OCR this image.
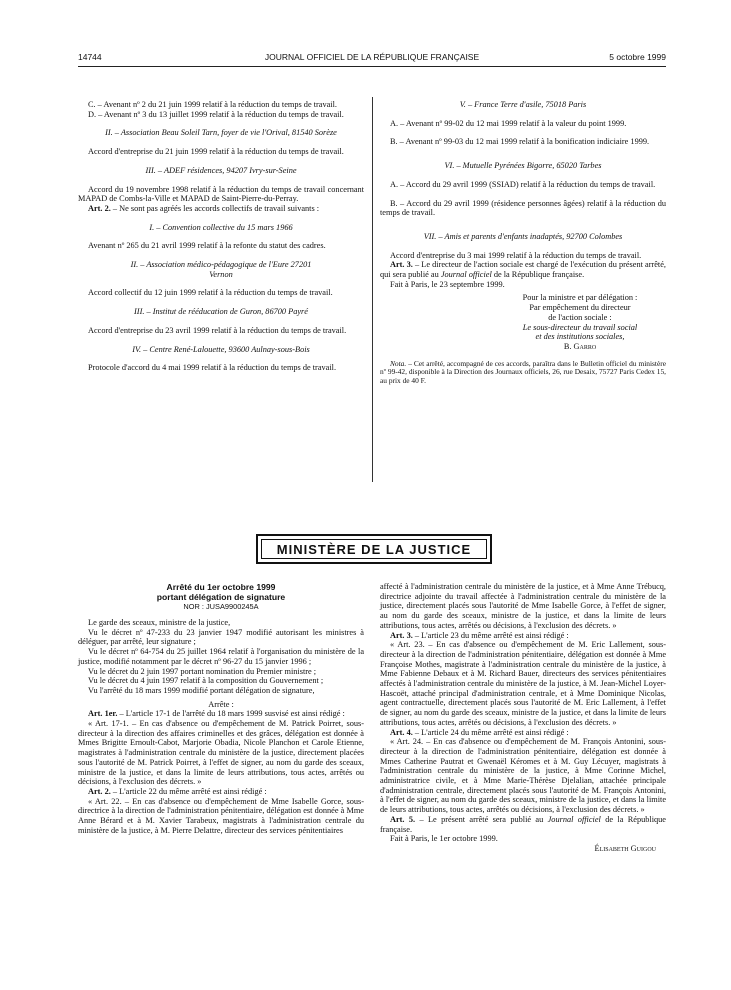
14744	JOURNAL OFFICIEL DE LA RÉPUBLIQUE FRANÇAISE	5 octobre 1999

C. – Avenant nº 2 du 21 juin 1999 relatif à la réduction du temps de travail.

D. – Avenant nº 3 du 13 juillet 1999 relatif à la réduction du temps de travail.

II. – Association Beau Soleil Tarn, foyer de vie l'Orival, 81540 Sorèze

Accord d'entreprise du 21 juin 1999 relatif à la réduction du temps de travail.

III. – ADEF résidences, 94207 Ivry-sur-Seine

Accord du 19 novembre 1998 relatif à la réduction du temps de travail concernant MAPAD de Combs-la-Ville et MAPAD de Saint-Pierre-du-Perray.

Art. 2. – Ne sont pas agréés les accords collectifs de travail suivants :

I. – Convention collective du 15 mars 1966

Avenant nº 265 du 21 avril 1999 relatif à la refonte du statut des cadres.

II. – Association médico-pédagogique de l'Eure 27201 Vernon

Accord collectif du 12 juin 1999 relatif à la réduction du temps de travail.

III. – Institut de rééducation de Guron, 86700 Payré

Accord d'entreprise du 23 avril 1999 relatif à la réduction du temps de travail.

IV. – Centre René-Lalouette, 93600 Aulnay-sous-Bois

Protocole d'accord du 4 mai 1999 relatif à la réduction du temps de travail.

V. – France Terre d'asile, 75018 Paris

A. – Avenant nº 99-02 du 12 mai 1999 relatif à la valeur du point 1999.

B. – Avenant nº 99-03 du 12 mai 1999 relatif à la bonification indiciaire 1999.

VI. – Mutuelle Pyrénées Bigorre, 65020 Tarbes

A. – Accord du 29 avril 1999 (SSIAD) relatif à la réduction du temps de travail.

B. – Accord du 29 avril 1999 (résidence personnes âgées) relatif à la réduction du temps de travail.

VII. – Amis et parents d'enfants inadaptés, 92700 Colombes

Accord d'entreprise du 3 mai 1999 relatif à la réduction du temps de travail.

Art. 3. – Le directeur de l'action sociale est chargé de l'exécution du présent arrêté, qui sera publié au Journal officiel de la République française.

Fait à Paris, le 23 septembre 1999.

Pour la ministre et par délégation :

Par empêchement du directeur

de l'action sociale :

Le sous-directeur du travail social

et des institutions sociales,

B. Garro

Nota. – Cet arrêté, accompagné de ces accords, paraîtra dans le Bulletin officiel du ministère nº 99-42, disponible à la Direction des Journaux officiels, 26, rue Desaix, 75727 Paris Cedex 15, au prix de 40 F.

MINISTÈRE DE LA JUSTICE

Arrêté du 1er octobre 1999

portant délégation de signature

NOR : JUSA9900245A

Le garde des sceaux, ministre de la justice,

Vu le décret nº 47-233 du 23 janvier 1947 modifié autorisant les ministres à déléguer, par arrêté, leur signature ;

Vu le décret nº 64-754 du 25 juillet 1964 relatif à l'organisation du ministère de la justice, modifié notamment par le décret nº 96-27 du 15 janvier 1996 ;

Vu le décret du 2 juin 1997 portant nomination du Premier ministre ;

Vu le décret du 4 juin 1997 relatif à la composition du Gouvernement ;

Vu l'arrêté du 18 mars 1999 modifié portant délégation de signature,

Arrête :

Art. 1er. – L'article 17-1 de l'arrêté du 18 mars 1999 susvisé est ainsi rédigé :

« Art. 17-1. – En cas d'absence ou d'empêchement de M. Patrick Poirret, sous-directeur à la direction des affaires criminelles et des grâces, délégation est donnée à Mmes Brigitte Ernoult-Cabot, Marjorie Obadia, Nicole Planchon et Carole Etienne, magistrates à l'administration centrale du ministère de la justice, directement placées sous l'autorité de M. Patrick Poirret, à l'effet de signer, au nom du garde des sceaux, ministre de la justice, et dans la limite de leurs attributions, tous actes, arrêtés ou décisions, à l'exclusion des décrets. »

Art. 2. – L'article 22 du même arrêté est ainsi rédigé :

« Art. 22. – En cas d'absence ou d'empêchement de Mme Isabelle Gorce, sous-directrice à la direction de l'administration pénitentiaire, délégation est donnée à Mme Anne Bérard et à M. Xavier Tarabeux, magistrats à l'administration centrale du ministère de la justice, à M. Pierre Delattre, directeur des services pénitentiaires

affecté à l'administration centrale du ministère de la justice, et à Mme Anne Trébucq, directrice adjointe du travail affectée à l'administration centrale du ministère de la justice, directement placés sous l'autorité de Mme Isabelle Gorce, à l'effet de signer, au nom du garde des sceaux, ministre de la justice, et dans la limite de leurs attributions, tous actes, arrêtés ou décisions, à l'exclusion des décrets. »

Art. 3. – L'article 23 du même arrêté est ainsi rédigé :

« Art. 23. – En cas d'absence ou d'empêchement de M. Eric Lallement, sous-directeur à la direction de l'administration pénitentiaire, délégation est donnée à Mme Françoise Mothes, magistrate à l'administration centrale du ministère de la justice, à Mme Fabienne Debaux et à M. Richard Bauer, directeurs des services pénitentiaires affectés à l'administration centrale du ministère de la justice, à M. Jean-Michel Loyer-Hascoët, attaché principal d'administration centrale, et à Mme Dominique Nicolas, agent contractuelle, directement placés sous l'autorité de M. Eric Lallement, à l'effet de signer, au nom du garde des sceaux, ministre de la justice, et dans la limite de leurs attributions, tous actes, arrêtés ou décisions, à l'exclusion des décrets. »

Art. 4. – L'article 24 du même arrêté est ainsi rédigé :

« Art. 24. – En cas d'absence ou d'empêchement de M. François Antonini, sous-directeur à la direction de l'administration pénitentiaire, délégation est donnée à Mmes Catherine Pautrat et Gwenaël Kéromes et à M. Guy Lécuyer, magistrats à l'administration centrale du ministère de la justice, à Mme Corinne Michel, administratrice civile, et à Mme Marie-Thérèse Djelalian, attachée principale d'administration centrale, directement placés sous l'autorité de M. François Antonini, à l'effet de signer, au nom du garde des sceaux, ministre de la justice, et dans la limite de leurs attributions, tous actes, arrêtés ou décisions, à l'exclusion des décrets. »

Art. 5. – Le présent arrêté sera publié au Journal officiel de la République française.

Fait à Paris, le 1er octobre 1999.

Élisabeth Guigou
